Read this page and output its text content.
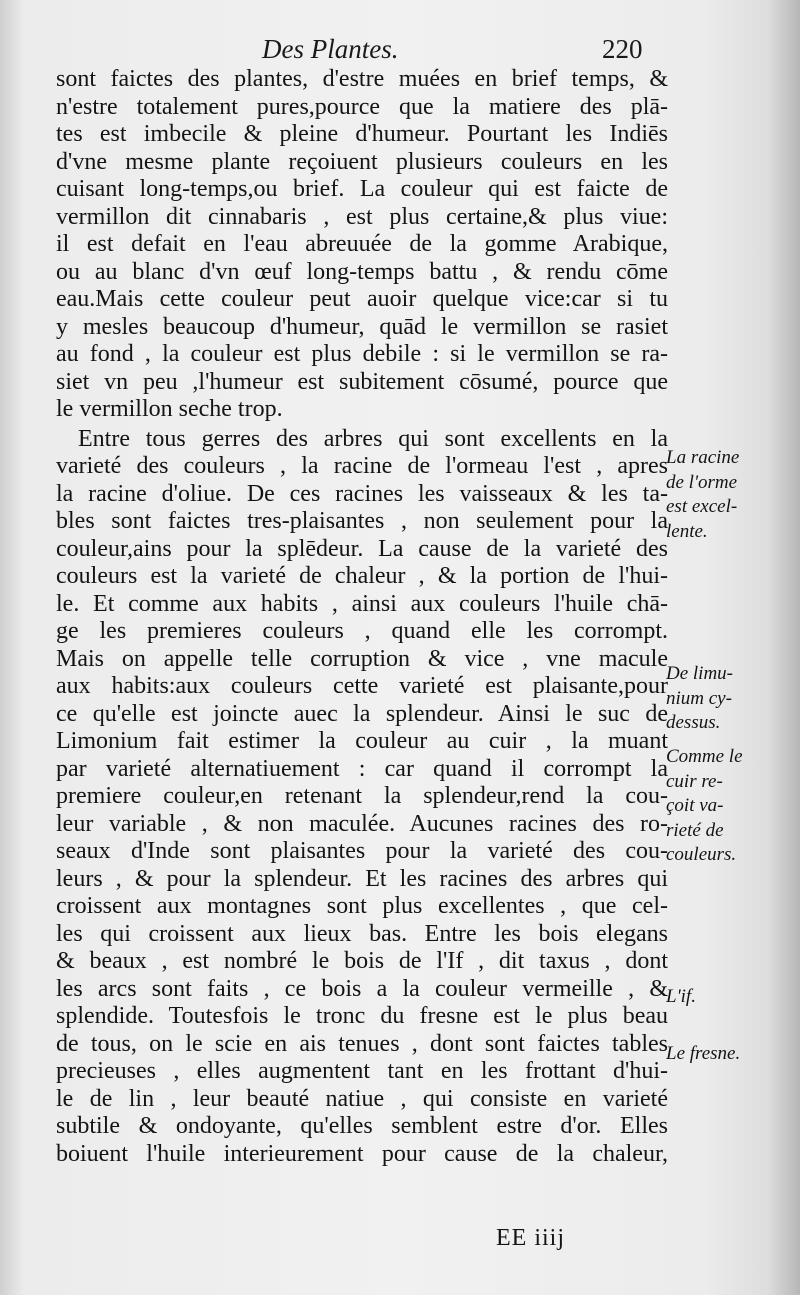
Des Plantes.	220
sont faictes des plantes, d'estre muées en brief temps, &
n'estre totalement pures,pource que la matiere des plā-
tes est imbecile & pleine d'humeur. Pourtant les Indiēs
d'vne mesme plante reçoiuent plusieurs couleurs en les
cuisant long-temps,ou brief. La couleur qui est faicte de
vermillon dit cinnabaris , est plus certaine,& plus viue:
il est defait en l'eau abreuuée de la gomme Arabique,
ou au blanc d'vn œuf long-temps battu , & rendu cōme
eau.Mais cette couleur peut auoir quelque vice:car si tu
y mesles beaucoup d'humeur, quād le vermillon se rasiet
au fond , la couleur est plus debile : si le vermillon se ra-
siet vn peu ,l'humeur est subitement cōsumé, pource que
le vermillon seche trop.
Entre tous gerres des arbres qui sont excellents en la
varieté des couleurs , la racine de l'ormeau l'est , apres
la racine d'oliue. De ces racines les vaisseaux & les ta-
bles sont faictes tres-plaisantes , non seulement pour la
couleur,ains pour la splēdeur. La cause de la varieté des
couleurs est la varieté de chaleur , & la portion de l'hui-
le. Et comme aux habits , ainsi aux couleurs l'huile chā-
ge les premieres couleurs , quand elle les corrompt.
Mais on appelle telle corruption & vice , vne macule
aux habits:aux couleurs cette varieté est plaisante,pour
ce qu'elle est joincte auec la splendeur. Ainsi le suc de
Limonium fait estimer la couleur au cuir , la muant
par varieté alternatiuement : car quand il corrompt la
premiere couleur,en retenant la splendeur,rend la cou-
leur variable , & non maculée. Aucunes racines des ro-
seaux d'Inde sont plaisantes pour la varieté des cou-
leurs , & pour la splendeur. Et les racines des arbres qui
croissent aux montagnes sont plus excellentes , que cel-
les qui croissent aux lieux bas. Entre les bois elegans
& beaux , est nombré le bois de l'If , dit taxus , dont
les arcs sont faits , ce bois a la couleur vermeille , &
splendide. Toutesfois le tronc du fresne est le plus beau
de tous, on le scie en ais tenues , dont sont faictes tables
precieuses , elles augmentent tant en les frottant d'hui-
le de lin , leur beauté natiue , qui consiste en varieté
subtile & ondoyante, qu'elles semblent estre d'or. Elles
boiuent l'huile interieurement pour cause de la chaleur,
La racine
de l'orme
est excel-
lente.
De limu-
nium cy-
dessus.
Comme le
cuir re-
çoit va-
rieté de
couleurs.
L'if.
Le fresne.
EE iiij
